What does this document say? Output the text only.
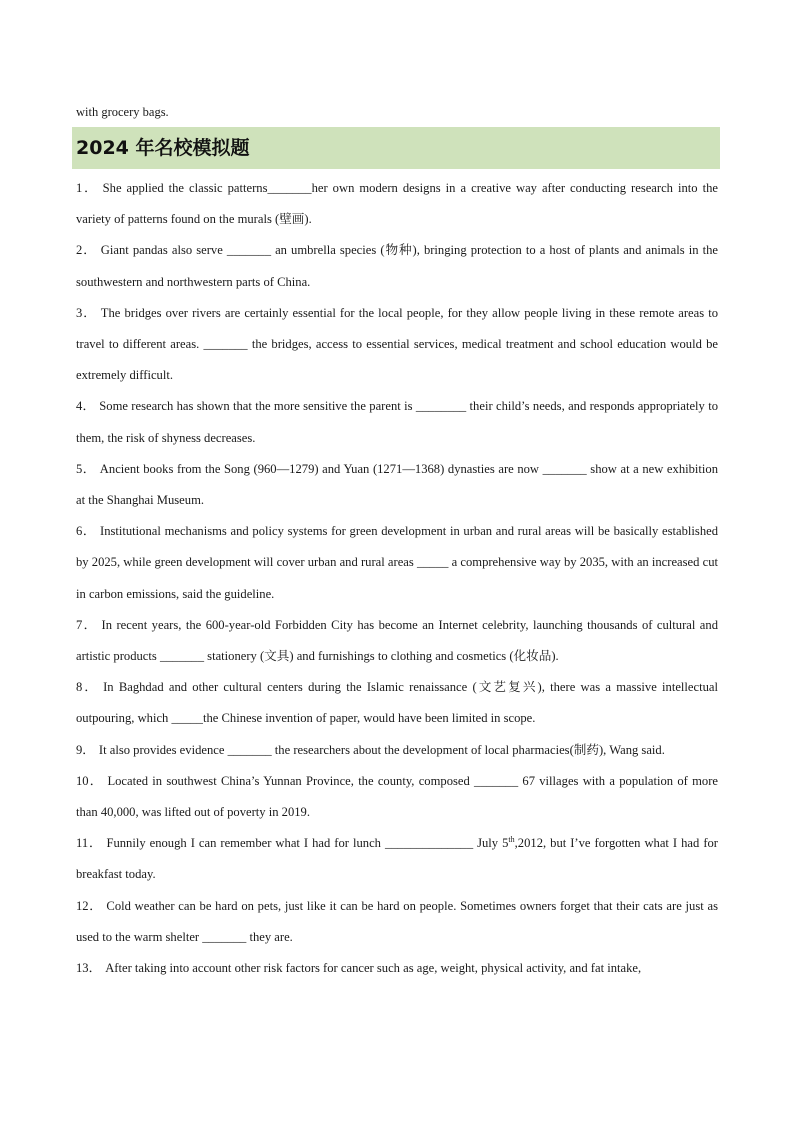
with grocery bags.
2024 年名校模拟题

1． She applied the classic patterns_______her own modern designs in a creative way after conducting research into the variety of patterns found on the murals (壁画).

2． Giant pandas also serve _______ an umbrella species (物种), bringing protection to a host of plants and animals in the southwestern and northwestern parts of China.

3． The bridges over rivers are certainly essential for the local people, for they allow people living in these remote areas to travel to different areas. _______ the bridges, access to essential services, medical treatment and school education would be extremely difficult.

4． Some research has shown that the more sensitive the parent is ________ their child’s needs, and responds appropriately to them, the risk of shyness decreases.

5． Ancient books from the Song (960—1279) and Yuan (1271—1368) dynasties are now _______ show at a new exhibition at the Shanghai Museum.

6． Institutional mechanisms and policy systems for green development in urban and rural areas will be basically established by 2025, while green development will cover urban and rural areas _____ a comprehensive way by 2035, with an increased cut in carbon emissions, said the guideline.

7． In recent years, the 600-year-old Forbidden City has become an Internet celebrity, launching thousands of cultural and artistic products _______ stationery (文具) and furnishings to clothing and cosmetics (化妆品).

8． In Baghdad and other cultural centers during the Islamic renaissance (文艺复兴), there was a massive intellectual outpouring, which _____the Chinese invention of paper, would have been limited in scope.

9． It also provides evidence _______ the researchers about the development of local pharmacies(制药), Wang said.

10． Located in southwest China’s Yunnan Province, the county, composed _______ 67 villages with a population of more than 40,000, was lifted out of poverty in 2019.

11． Funnily enough I can remember what I had for lunch ______________ July 5th,2012, but I’ve forgotten what I had for breakfast today.

12． Cold weather can be hard on pets, just like it can be hard on people. Sometimes owners forget that their cats are just as used to the warm shelter _______ they are.

13． After taking into account other risk factors for cancer such as age, weight, physical activity, and fat intake,
